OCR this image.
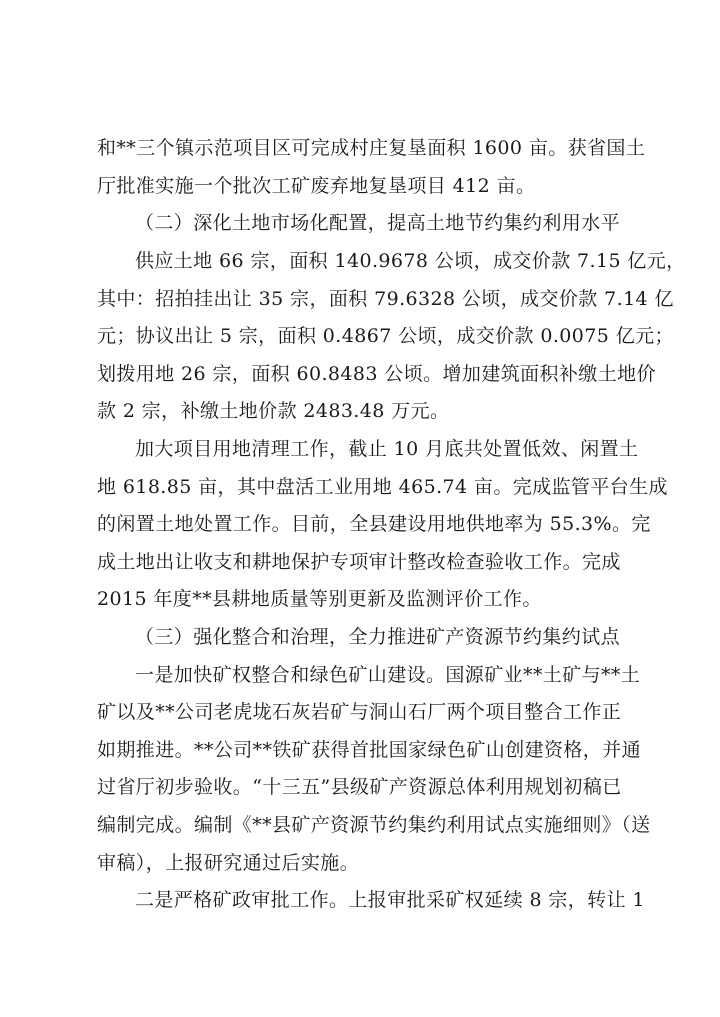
和**三个镇示范项目区可完成村庄复垦面积 1600 亩。获省国土
厅批准实施一个批次工矿废弃地复垦项目 412 亩。
（二）深化土地市场化配置，提高土地节约集约利用水平
供应土地 66 宗，面积 140.9678 公顷，成交价款 7.15 亿元，
其中：招拍挂出让 35 宗，面积 79.6328 公顷，成交价款 7.14 亿
元；协议出让 5 宗，面积 0.4867 公顷，成交价款 0.0075 亿元；
划拨用地 26 宗，面积 60.8483 公顷。增加建筑面积补缴土地价
款 2 宗，补缴土地价款 2483.48 万元。
加大项目用地清理工作，截止 10 月底共处置低效、闲置土
地 618.85 亩，其中盘活工业用地 465.74 亩。完成监管平台生成
的闲置土地处置工作。目前，全县建设用地供地率为 55.3%。完
成土地出让收支和耕地保护专项审计整改检查验收工作。完成
2015 年度**县耕地质量等别更新及监测评价工作。
（三）强化整合和治理，全力推进矿产资源节约集约试点
一是加快矿权整合和绿色矿山建设。国源矿业**土矿与**土
矿以及**公司老虎垅石灰岩矿与洞山石厂两个项目整合工作正
如期推进。**公司**铁矿获得首批国家绿色矿山创建资格，并通
过省厅初步验收。“十三五”县级矿产资源总体利用规划初稿已
编制完成。编制《**县矿产资源节约集约利用试点实施细则》（送
审稿），上报研究通过后实施。
二是严格矿政审批工作。上报审批采矿权延续 8 宗，转让 1
